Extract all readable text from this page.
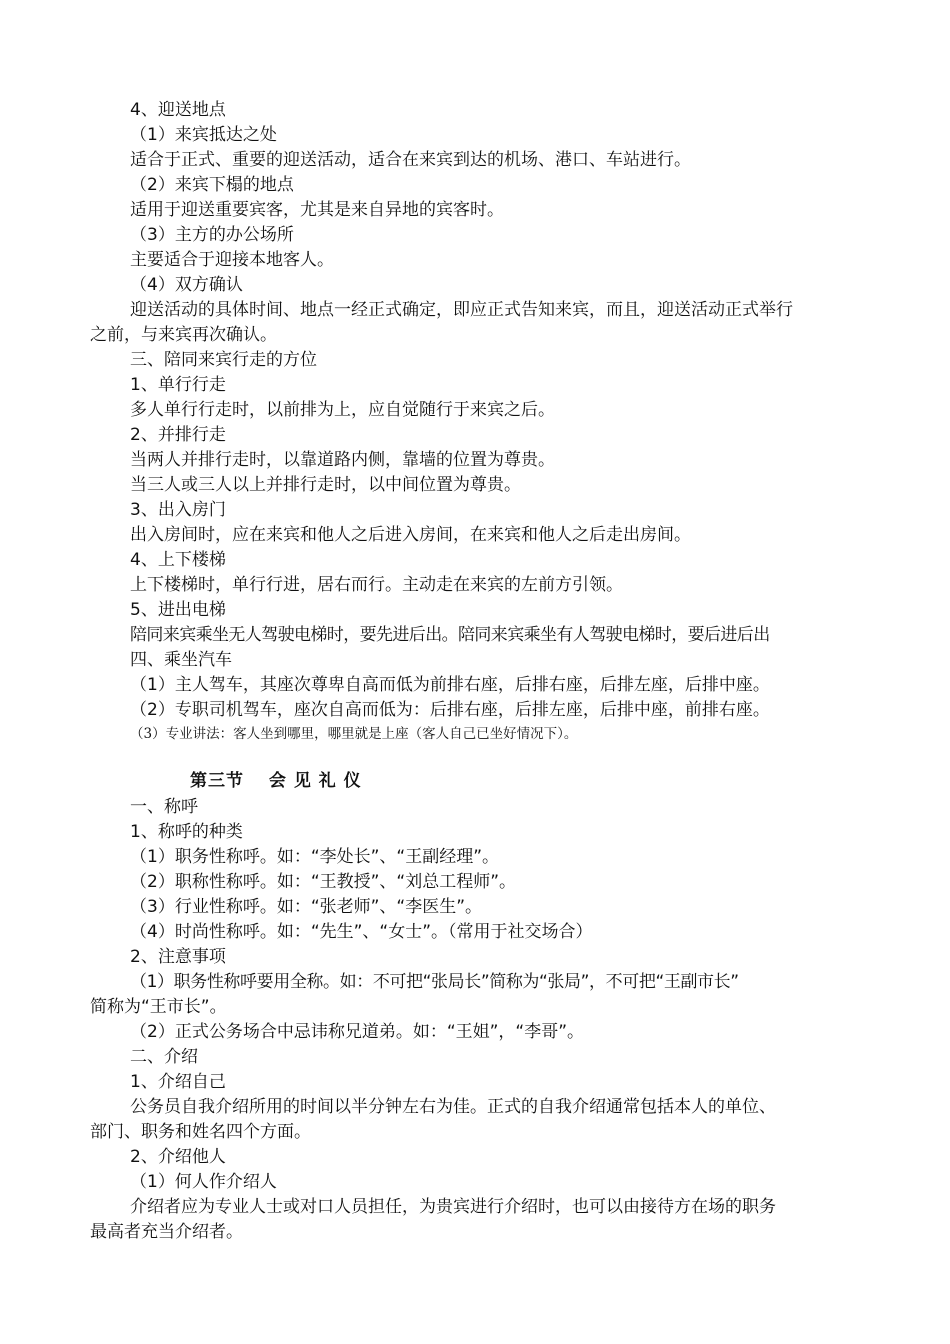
4、迎送地点
（1）来宾抵达之处
适合于正式、重要的迎送活动，适合在来宾到达的机场、港口、车站进行。
（2）来宾下榻的地点
适用于迎送重要宾客，尤其是来自异地的宾客时。
（3）主方的办公场所
主要适合于迎接本地客人。
（4）双方确认
迎送活动的具体时间、地点一经正式确定，即应正式告知来宾，而且，迎送活动正式举行
之前，与来宾再次确认。
三、陪同来宾行走的方位
1、单行行走
多人单行行走时，以前排为上，应自觉随行于来宾之后。
2、并排行走
当两人并排行走时，以靠道路内侧，靠墙的位置为尊贵。
当三人或三人以上并排行走时，以中间位置为尊贵。
3、出入房门
出入房间时，应在来宾和他人之后进入房间，在来宾和他人之后走出房间。
4、上下楼梯
上下楼梯时，单行行进，居右而行。主动走在来宾的左前方引领。
5、进出电梯
陪同来宾乘坐无人驾驶电梯时，要先进后出。陪同来宾乘坐有人驾驶电梯时，要后进后出
四、乘坐汽车
（1）主人驾车，其座次尊卑自高而低为前排右座，后排右座，后排左座，后排中座。
（2）专职司机驾车，座次自高而低为：后排右座，后排左座，后排中座，前排右座。
（3）专业讲法：客人坐到哪里，哪里就是上座（客人自己已坐好情况下）。
第三节　 会 见 礼 仪
一、称呼
1、称呼的种类
（1）职务性称呼。如：“李处长”、“王副经理”。
（2）职称性称呼。如：“王教授”、“刘总工程师”。
（3）行业性称呼。如：“张老师”、“李医生”。
（4）时尚性称呼。如：“先生”、“女士”。（常用于社交场合）
2、注意事项
（1）职务性称呼要用全称。如：不可把“张局长”简称为“张局”，不可把“王副市长”
简称为“王市长”。
（2）正式公务场合中忌讳称兄道弟。如：“王姐”，“李哥”。
二、介绍
1、介绍自己
公务员自我介绍所用的时间以半分钟左右为佳。正式的自我介绍通常包括本人的单位、
部门、职务和姓名四个方面。
2、介绍他人
（1）何人作介绍人
介绍者应为专业人士或对口人员担任，为贵宾进行介绍时，也可以由接待方在场的职务
最高者充当介绍者。
